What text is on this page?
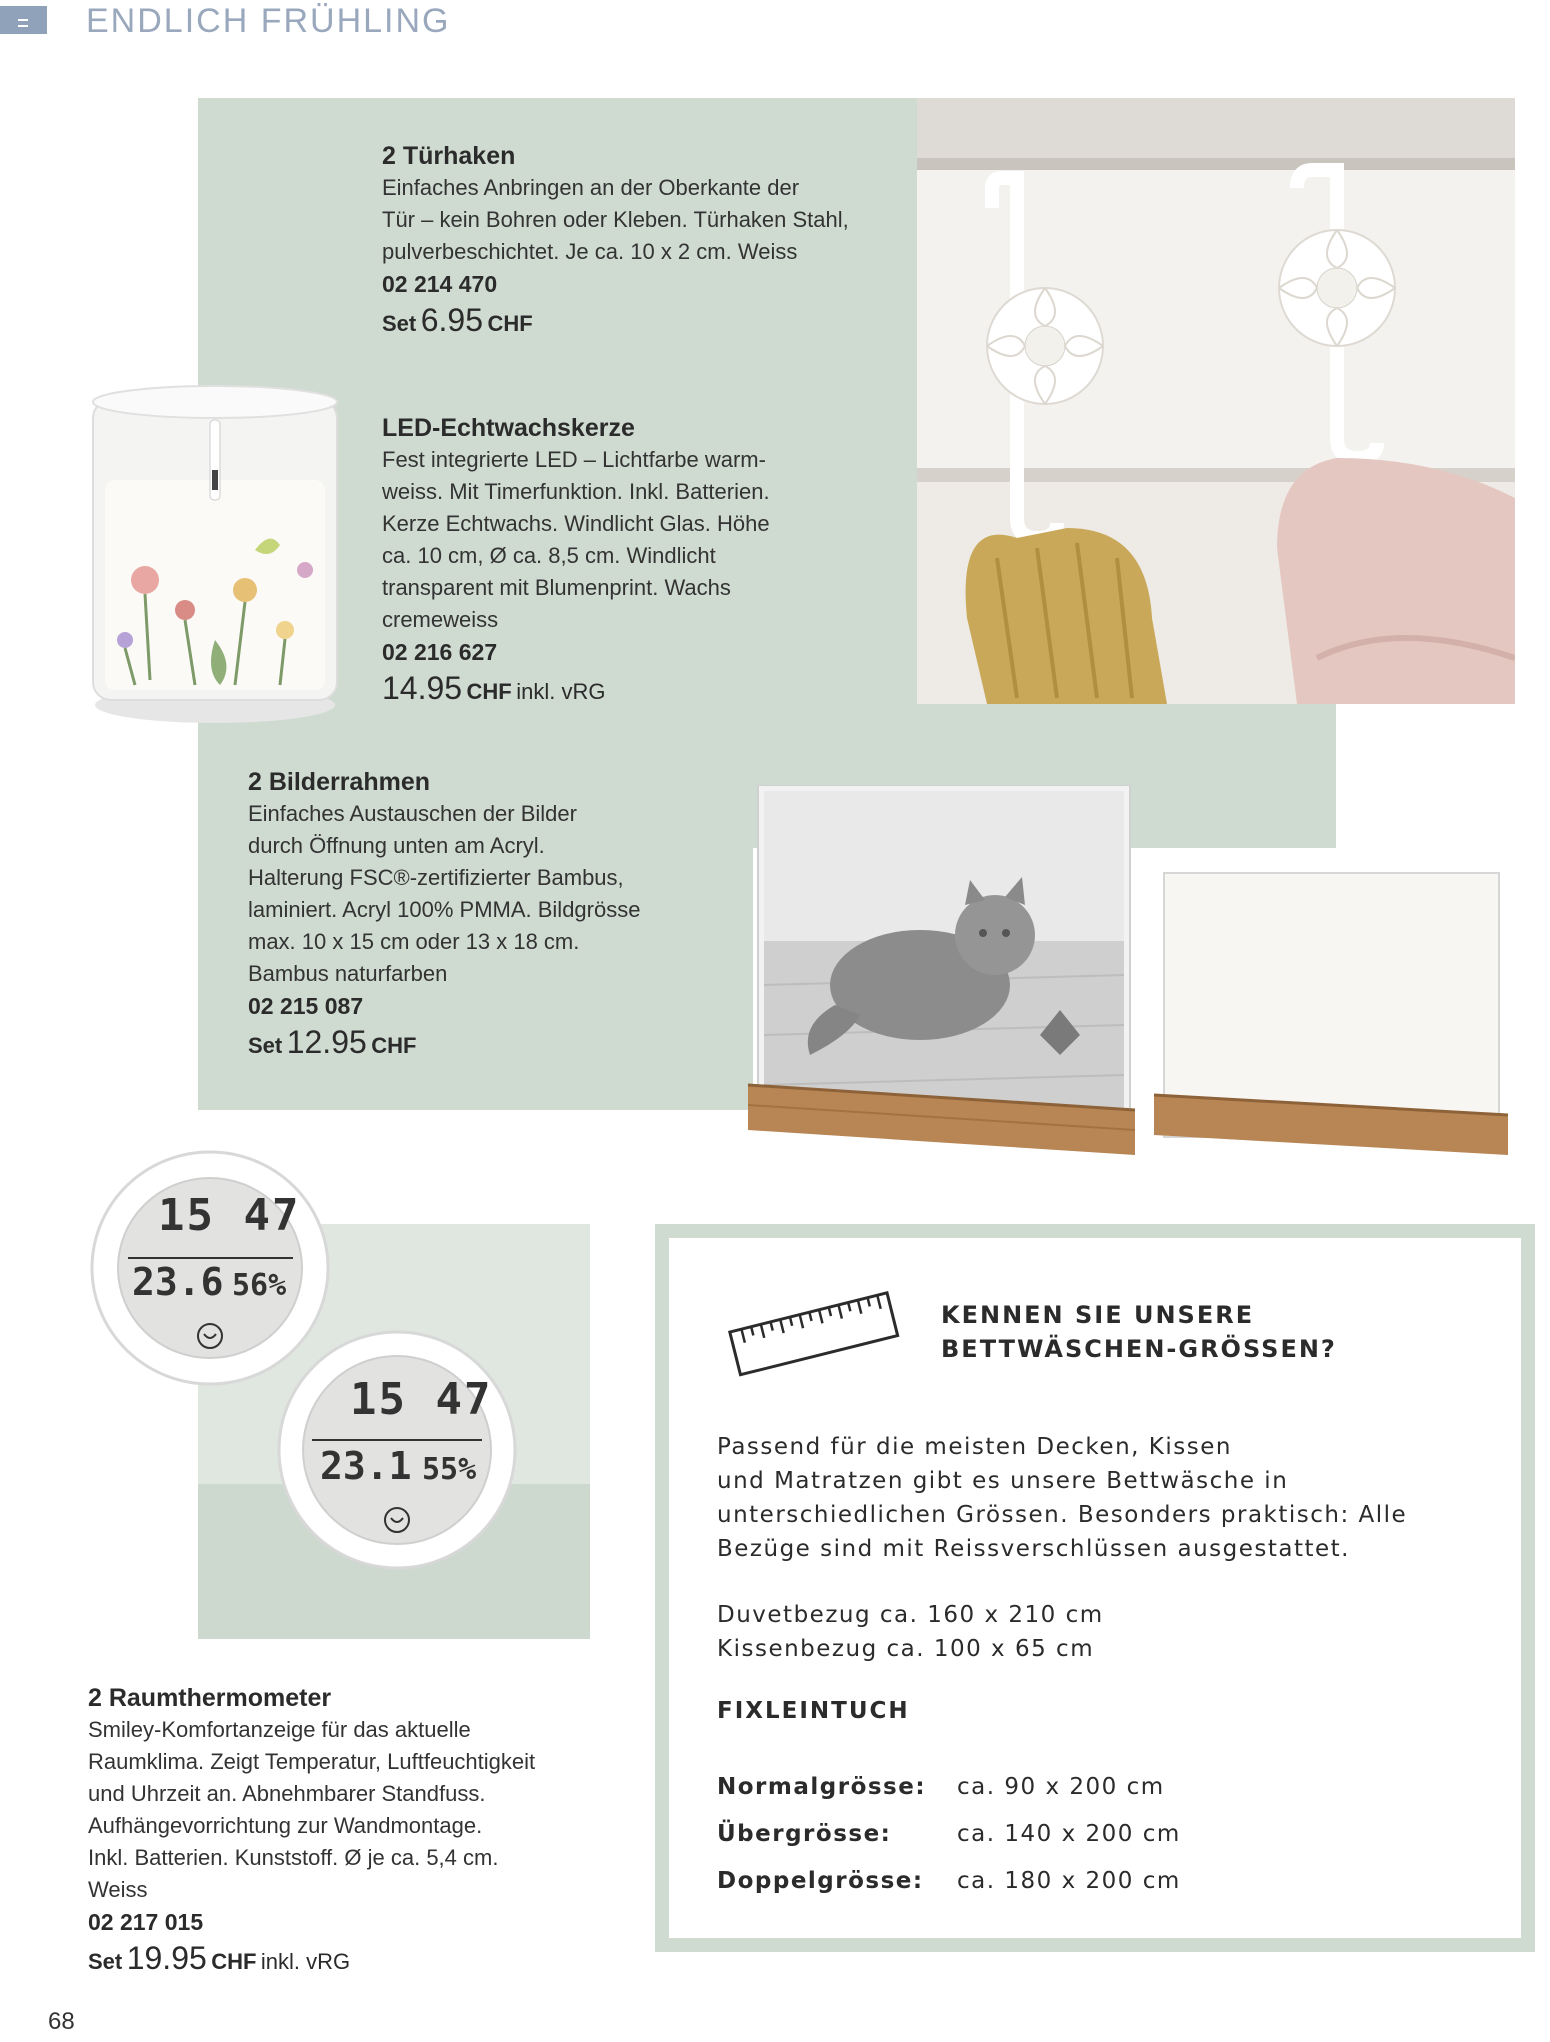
ENDLICH FRÜHLING
15 47
23.6 56%
15 47
23.1 55%
2 Türhaken
Einfaches Anbringen an der Oberkante der
Tür – kein Bohren oder Kleben. Türhaken Stahl,
pulverbeschichtet. Je ca. 10 x 2 cm. Weiss
02 214 470
Set 6.95 CHF
LED-Echtwachskerze
Fest integrierte LED – Lichtfarbe warm-
weiss. Mit Timerfunktion. Inkl. Batterien.
Kerze Echtwachs. Windlicht Glas. Höhe
ca. 10 cm, Ø ca. 8,5 cm. Windlicht
transparent mit Blumenprint. Wachs
cremeweiss
02 216 627
14.95 CHF inkl. vRG
2 Bilderrahmen
Einfaches Austauschen der Bilder
durch Öffnung unten am Acryl.
Halterung FSC®-zertifizierter Bambus,
laminiert. Acryl 100% PMMA. Bildgrösse
max. 10 x 15 cm oder 13 x 18 cm.
Bambus naturfarben
02 215 087
Set 12.95 CHF
2 Raumthermometer
Smiley-Komfortanzeige für das aktuelle
Raumklima. Zeigt Temperatur, Luftfeuchtigkeit
und Uhrzeit an. Abnehmbarer Standfuss.
Aufhängevorrichtung zur Wandmontage.
Inkl. Batterien. Kunststoff. Ø je ca. 5,4 cm.
Weiss
02 217 015
Set 19.95 CHF inkl. vRG
KENNEN SIE UNSERE
BETTWÄSCHEN-GRÖSSEN?
Passend für die meisten Decken, Kissen
und Matratzen gibt es unsere Bettwäsche in
unterschiedlichen Grössen. Besonders praktisch: Alle
Bezüge sind mit Reissverschlüssen ausgestattet.
Duvetbezug ca. 160 x 210 cm
Kissenbezug ca. 100 x 65 cm
FIXLEINTUCH
Normalgrösse:	ca. 90 x 200 cm
Übergrösse:	ca. 140 x 200 cm
Doppelgrösse:	ca. 180 x 200 cm
68
